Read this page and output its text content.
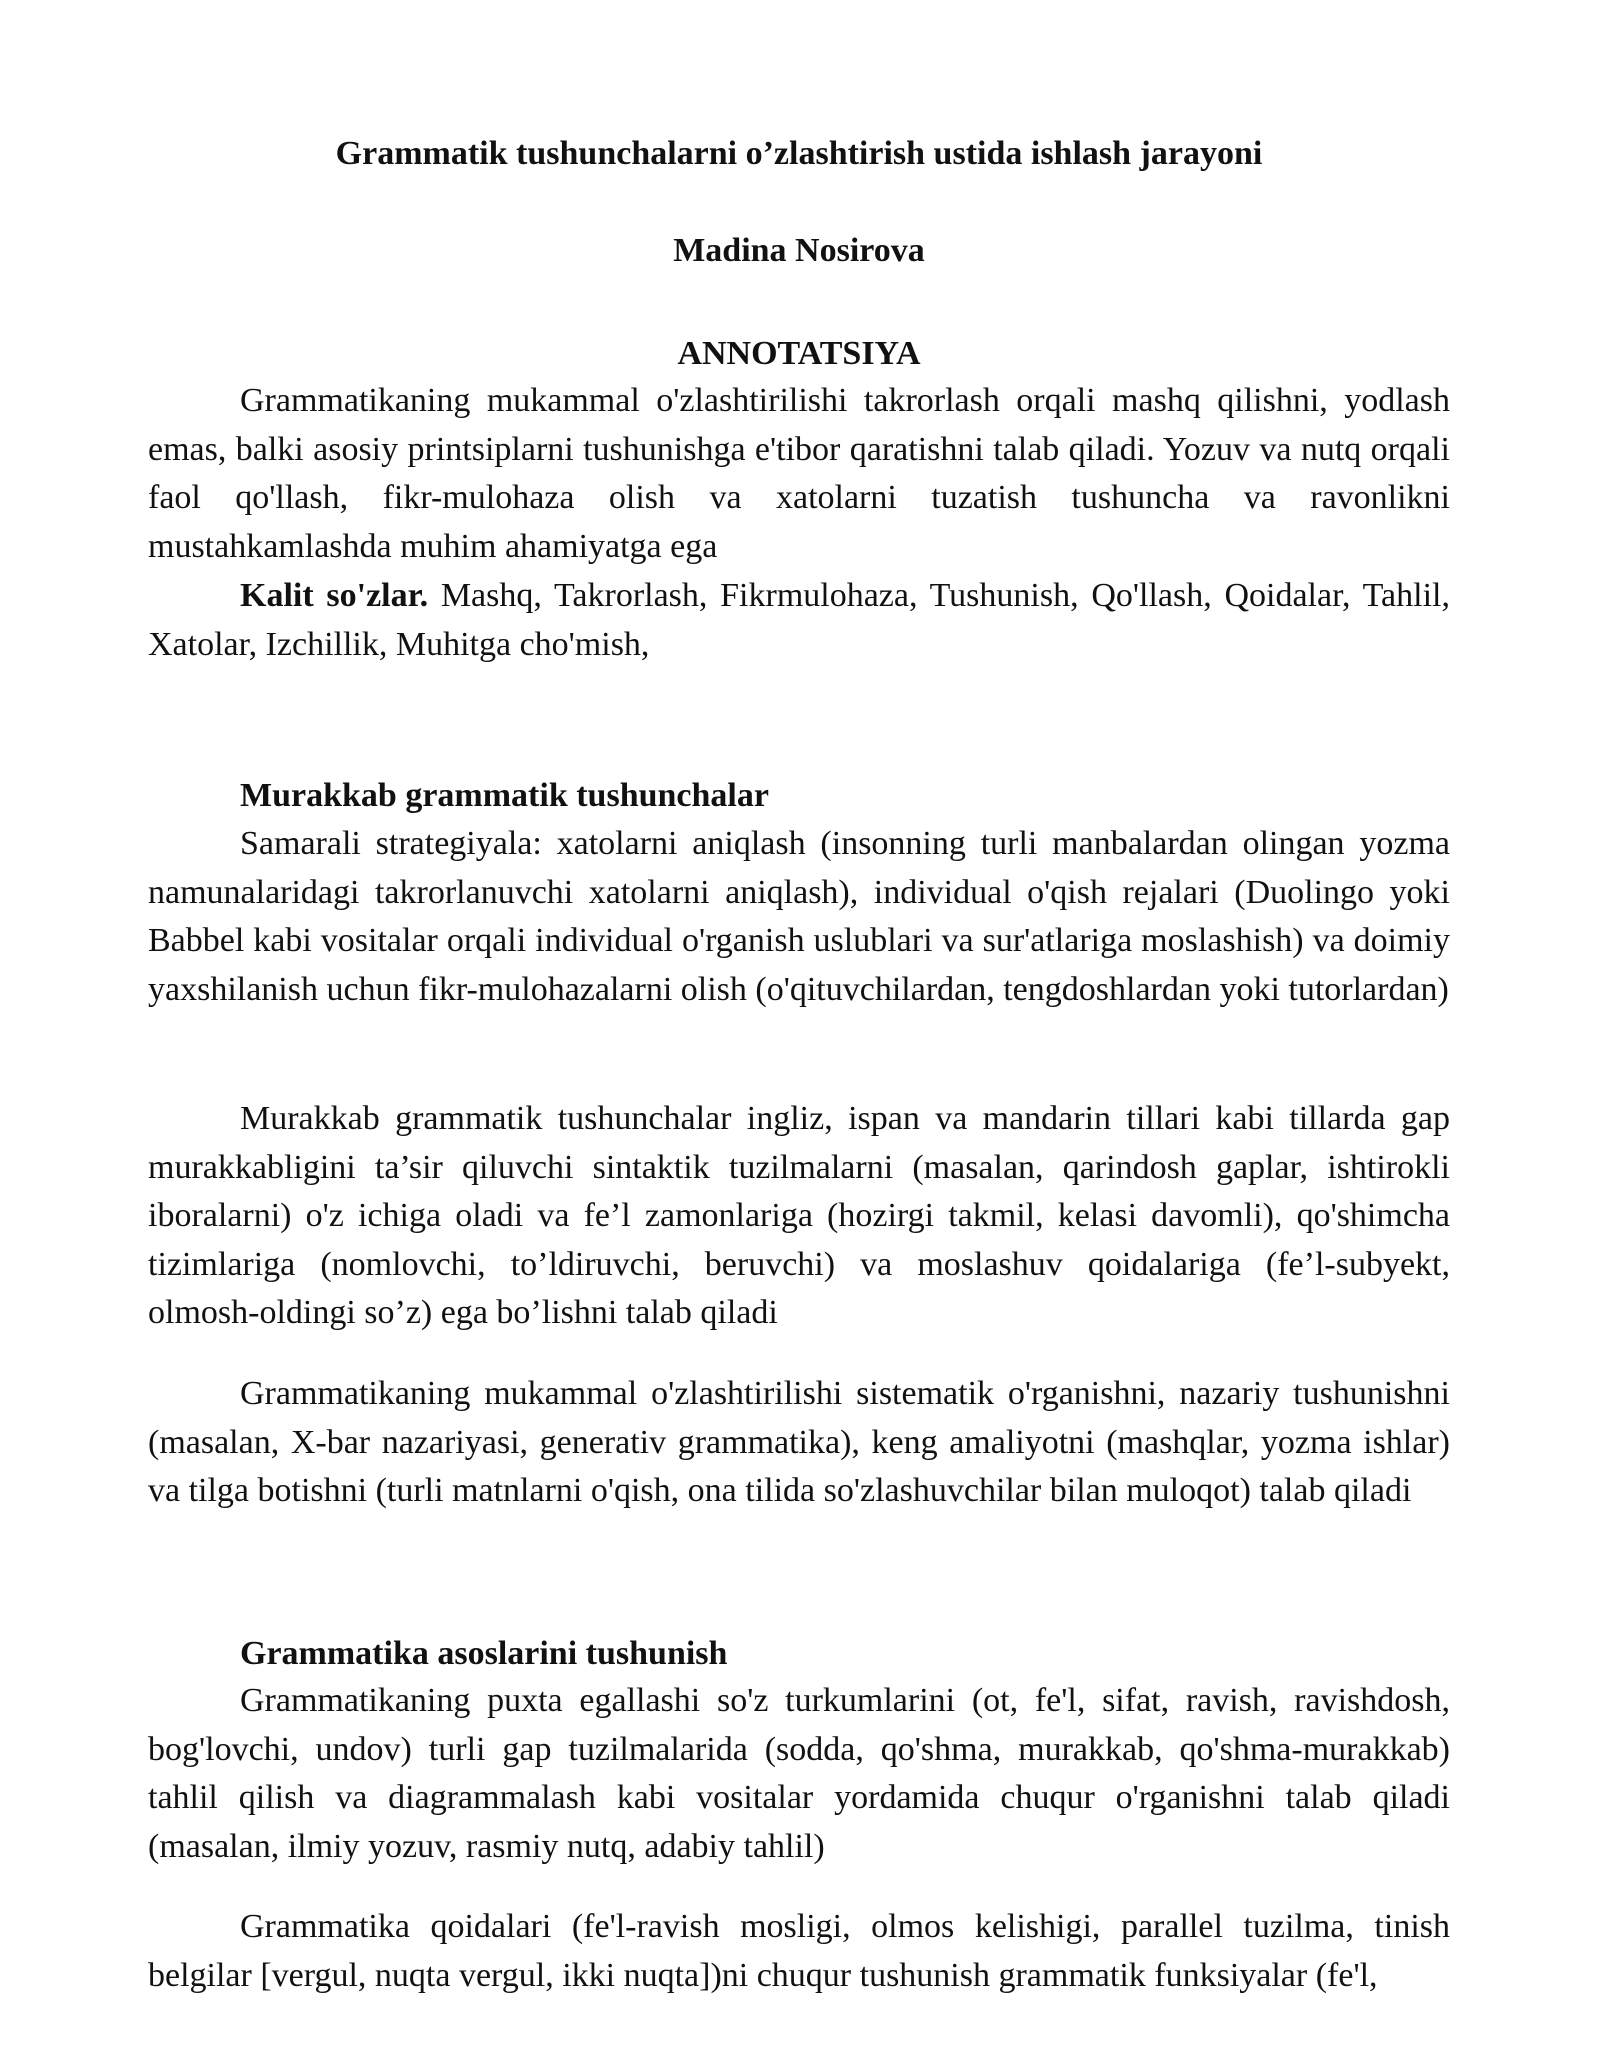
Grammatik tushunchalarni o’zlashtirish ustida ishlash jarayoni
Madina Nosirova
ANNOTATSIYA

Grammatikaning mukammal o'zlashtirilishi takrorlash orqali mashq qilishni, yodlash emas, balki asosiy printsiplarni tushunishga e'tibor qaratishni talab qiladi. Yozuv va nutq orqali faol qo'llash, fikr-mulohaza olish va xatolarni tuzatish tushuncha va ravonlikni mustahkamlashda muhim ahamiyatga ega

Kalit so'zlar. Mashq, Takrorlash, Fikrmulohaza, Tushunish, Qo'llash, Qoidalar, Tahlil, Xatolar, Izchillik, Muhitga cho'mish,

Murakkab grammatik tushunchalar

Samarali strategiyala: xatolarni aniqlash (insonning turli manbalardan olingan yozma namunalaridagi takrorlanuvchi xatolarni aniqlash), individual o'qish rejalari (Duolingo yoki Babbel kabi vositalar orqali individual o'rganish uslublari va sur'atlariga moslashish) va doimiy yaxshilanish uchun fikr-mulohazalarni olish (o'qituvchilardan, tengdoshlardan yoki tutorlardan)

Murakkab grammatik tushunchalar ingliz, ispan va mandarin tillari kabi tillarda gap murakkabligini ta’sir qiluvchi sintaktik tuzilmalarni (masalan, qarindosh gaplar, ishtirokli iboralarni) o'z ichiga oladi va fe’l zamonlariga (hozirgi takmil, kelasi davomli), qo'shimcha tizimlariga (nomlovchi, to’ldiruvchi, beruvchi) va moslashuv qoidalariga (fe’l-subyekt, olmosh-oldingi so’z) ega bo’lishni talab qiladi

Grammatikaning mukammal o'zlashtirilishi sistematik o'rganishni, nazariy tushunishni (masalan, X-bar nazariyasi, generativ grammatika), keng amaliyotni (mashqlar, yozma ishlar) va tilga botishni (turli matnlarni o'qish, ona tilida so'zlashuvchilar bilan muloqot) talab qiladi

Grammatika asoslarini tushunish

Grammatikaning puxta egallashi so'z turkumlarini (ot, fe'l, sifat, ravish, ravishdosh, bog'lovchi, undov) turli gap tuzilmalarida (sodda, qo'shma, murakkab, qo'shma-murakkab) tahlil qilish va diagrammalash kabi vositalar yordamida chuqur o'rganishni talab qiladi (masalan, ilmiy yozuv, rasmiy nutq, adabiy tahlil)

Grammatika qoidalari (fe'l-ravish mosligi, olmos kelishigi, parallel tuzilma, tinish belgilar [vergul, nuqta vergul, ikki nuqta])ni chuqur tushunish grammatik funksiyalar (fe'l,
